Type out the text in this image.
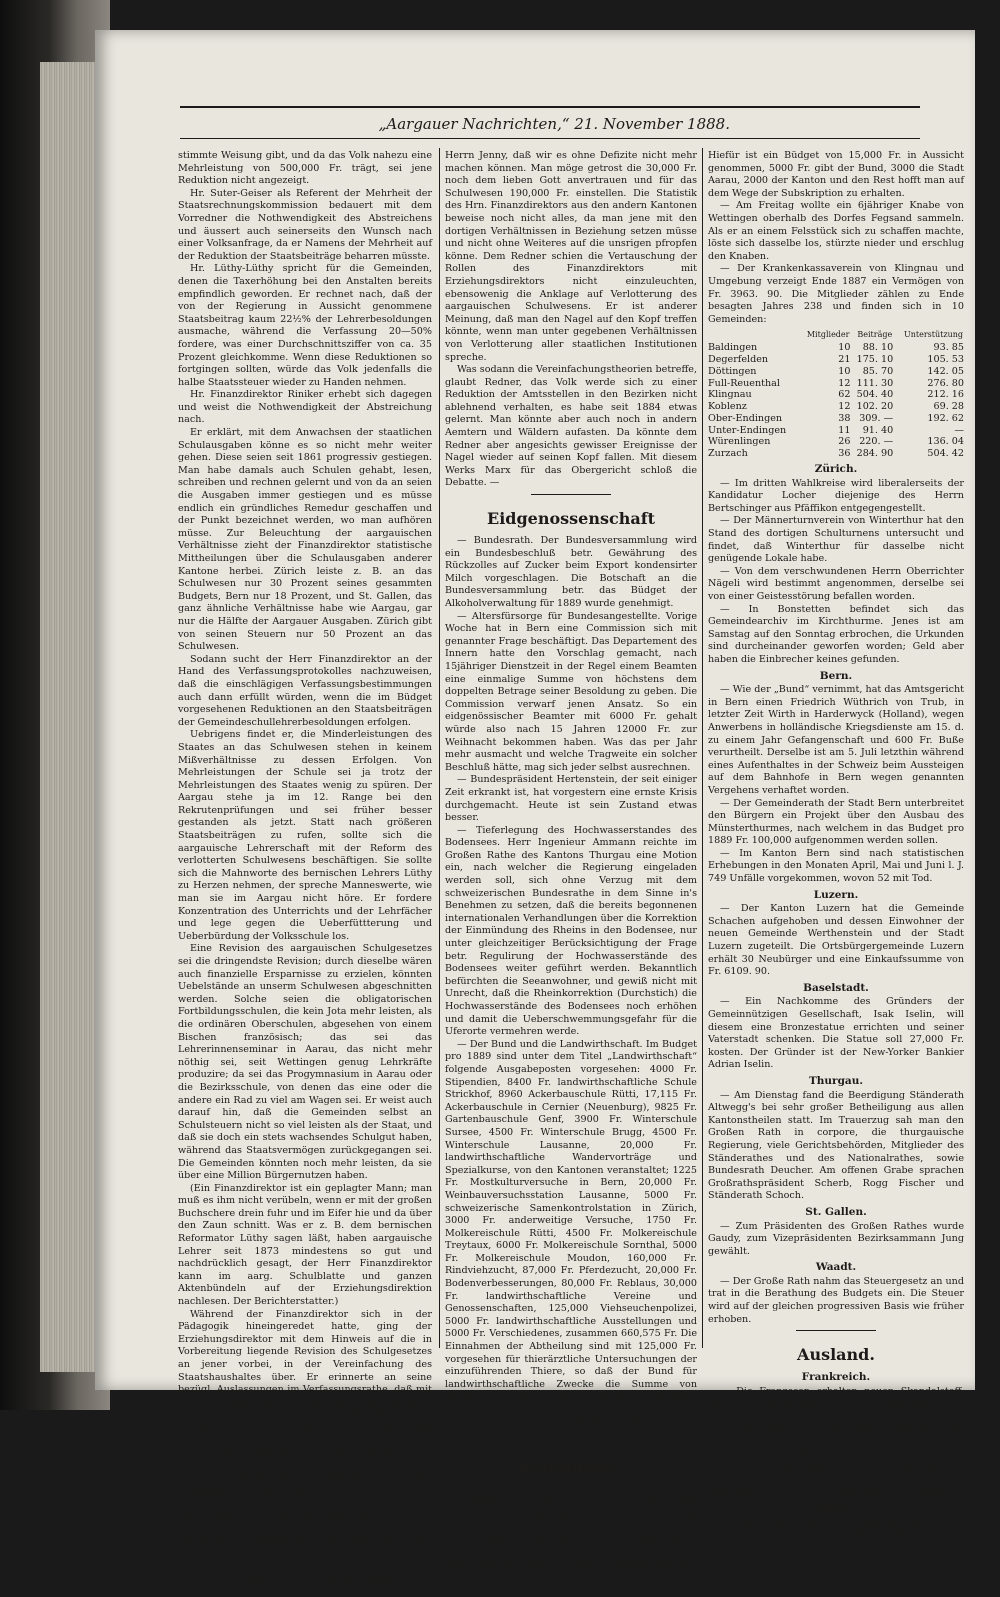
„Aargauer Nachrichten,“ 21. November 1888.

stimmte Weisung gibt, und da das Volk nahezu eine Mehrleistung von 500,000 Fr. trägt, sei jene Reduktion nicht angezeigt.

Hr. Suter-Geiser als Referent der Mehrheit der Staatsrechnungskommission bedauert mit dem Vorredner die Nothwendigkeit des Abstreichens und äussert auch seinerseits den Wunsch nach einer Volksanfrage, da er Namens der Mehrheit auf der Reduktion der Staatsbeiträge beharren müsste.

Hr. Lüthy-Lüthy spricht für die Gemeinden, denen die Taxerhöhung bei den Anstalten bereits empfindlich geworden. Er rechnet nach, daß der von der Regierung in Aussicht genommene Staatsbeitrag kaum 22½% der Lehrerbesoldungen ausmache, während die Verfassung 20—50% fordere, was einer Durchschnittsziffer von ca. 35 Prozent gleichkomme. Wenn diese Reduktionen so fortgingen sollten, würde das Volk jedenfalls die halbe Staatssteuer wieder zu Handen nehmen.

Hr. Finanzdirektor Riniker erhebt sich dagegen und weist die Nothwendigkeit der Abstreichung nach.

Er erklärt, mit dem Anwachsen der staatlichen Schulausgaben könne es so nicht mehr weiter gehen. Diese seien seit 1861 progressiv gestiegen. Man habe damals auch Schulen gehabt, lesen, schreiben und rechnen gelernt und von da an seien die Ausgaben immer gestiegen und es müsse endlich ein gründliches Remedur geschaffen und der Punkt bezeichnet werden, wo man aufhören müsse. Zur Beleuchtung der aargauischen Verhältnisse zieht der Finanzdirektor statistische Mittheilungen über die Schulausgaben anderer Kantone herbei. Zürich leiste z. B. an das Schulwesen nur 30 Prozent seines gesammten Budgets, Bern nur 18 Prozent, und St. Gallen, das ganz ähnliche Verhältnisse habe wie Aargau, gar nur die Hälfte der Aargauer Ausgaben. Zürich gibt von seinen Steuern nur 50 Prozent an das Schulwesen.

Sodann sucht der Herr Finanzdirektor an der Hand des Verfassungsprotokolles nachzuweisen, daß die einschlägigen Verfassungsbestimmungen auch dann erfüllt würden, wenn die im Büdget vorgesehenen Reduktionen an den Staatsbeiträgen der Gemeindeschullehrerbesoldungen erfolgen.

Uebrigens findet er, die Minderleistungen des Staates an das Schulwesen stehen in keinem Mißverhältnisse zu dessen Erfolgen. Von Mehrleistungen der Schule sei ja trotz der Mehrleistungen des Staates wenig zu spüren. Der Aargau stehe ja im 12. Range bei den Rekrutenprüfungen und sei früher besser gestanden als jetzt. Statt nach größeren Staatsbeiträgen zu rufen, sollte sich die aargauische Lehrerschaft mit der Reform des verlotterten Schulwesens beschäftigen. Sie sollte sich die Mahnworte des bernischen Lehrers Lüthy zu Herzen nehmen, der spreche Manneswerte, wie man sie im Aargau nicht höre. Er fordere Konzentration des Unterrichts und der Lehrfächer und lege gegen die Ueberfüttterung und Ueberbürdung der Volksschule los.

Eine Revision des aargauischen Schulgesetzes sei die dringendste Revision; durch dieselbe wären auch finanzielle Ersparnisse zu erzielen, könnten Uebelstände an unserm Schulwesen abgeschnitten werden. Solche seien die obligatorischen Fortbildungsschulen, die kein Jota mehr leisten, als die ordinären Oberschulen, abgesehen von einem Bischen französisch; das sei das Lehrerinnenseminar in Aarau, das nicht mehr nöthig sei, seit Wettingen genug Lehrkräfte produzire; da sei das Progymnasium in Aarau oder die Bezirksschule, von denen das eine oder die andere ein Rad zu viel am Wagen sei. Er weist auch darauf hin, daß die Gemeinden selbst an Schulsteuern nicht so viel leisten als der Staat, und daß sie doch ein stets wachsendes Schulgut haben, während das Staatsvermögen zurückgegangen sei. Die Gemeinden könnten noch mehr leisten, da sie über eine Million Bürgernutzen haben.

(Ein Finanzdirektor ist ein geplagter Mann; man muß es ihm nicht verübeln, wenn er mit der großen Buchschere drein fuhr und im Eifer hie und da über den Zaun schnitt. Was er z. B. dem bernischen Reformator Lüthy sagen läßt, haben aargauische Lehrer seit 1873 mindestens so gut und nachdrücklich gesagt, der Herr Finanzdirektor kann im aarg. Schulblatte und ganzen Aktenbündeln auf der Erziehungsdirektion nachlesen. Der Berichterstatter.)

Während der Finanzdirektor sich in der Pädagogik hineingeredet hatte, ging der Erziehungsdirektor mit dem Hinweis auf die in Vorbereitung liegende Revision des Schulgesetzes an jener vorbei, in der Vereinfachung des Staatshaushaltes über. Er erinnerte an seine bezügl. Auslassungen im Verfassungsrathe, daß mit der Vereinfachung nur wirklich Ernst gemacht werden könne, wenn man die Bezirke um 50 Prozent reduzire. Die Regierung habe diesen Weg übrigens bezüglich der Bezirksverwaltungen bereits eingeschlagen. Im Uebrigen bedauere er aber mit den Herren Künzli und Lüthy den Abstrich, habe sich aber den Rücksichten auf das gesammte Staatswohl fügen müssen.

Herr Jenny konstatirt nochmals die wirthschaftliche Thatsache, daß man, um den Ausfall zu decken, neue Steuern einnehmen haben müsse. Im Vereinfachungsgebiete ließe sich etwas machen, viel werde aber nicht herausschauen. Alle Abstriche unausweichlich.

Auch Herr Jäger theilt die Anschauungen des

Herrn Jenny, daß wir es ohne Defizite nicht mehr machen können. Man möge getrost die 30,000 Fr. noch dem lieben Gott anvertrauen und für das Schulwesen 190,000 Fr. einstellen. Die Statistik des Hrn. Finanzdirektors aus den andern Kantonen beweise noch nicht alles, da man jene mit den dortigen Verhältnissen in Beziehung setzen müsse und nicht ohne Weiteres auf die unsrigen pfropfen könne. Dem Redner schien die Vertauschung der Rollen des Finanzdirektors mit Erziehungsdirektors nicht einzuleuchten, ebensowenig die Anklage auf Verlotterung des aargauischen Schulwesens. Er ist anderer Meinung, daß man den Nagel auf den Kopf treffen könnte, wenn man unter gegebenen Verhältnissen von Verlotterung aller staatlichen Institutionen spreche.

Was sodann die Vereinfachungstheorien betreffe, glaubt Redner, das Volk werde sich zu einer Reduktion der Amtsstellen in den Bezirken nicht ablehnend verhalten, es habe seit 1884 etwas gelernt. Man könnte aber auch noch in andern Aemtern und Wäldern aufasten. Da könnte dem Redner aber angesichts gewisser Ereignisse der Nagel wieder auf seinen Kopf fallen. Mit diesem Werks Marx für das Obergericht schloß die Debatte. —

Eidgenossenschaft

— Bundesrath. Der Bundesversammlung wird ein Bundesbeschluß betr. Gewährung des Rückzolles auf Zucker beim Export kondensirter Milch vorgeschlagen. Die Botschaft an die Bundesversammlung betr. das Büdget der Alkoholverwaltung für 1889 wurde genehmigt.

— Altersfürsorge für Bundesangestellte. Vorige Woche hat in Bern eine Commission sich mit genannter Frage beschäftigt. Das Departement des Innern hatte den Vorschlag gemacht, nach 15jähriger Dienstzeit in der Regel einem Beamten eine einmalige Summe von höchstens dem doppelten Betrage seiner Besoldung zu geben. Die Commission verwarf jenen Ansatz. So ein eidgenössischer Beamter mit 6000 Fr. gehalt würde also nach 15 Jahren 12000 Fr. zur Weihnacht bekommen haben. Was das per Jahr mehr ausmacht und welche Tragweite ein solcher Beschluß hätte, mag sich jeder selbst ausrechnen.

— Bundespräsident Hertenstein, der seit einiger Zeit erkrankt ist, hat vorgestern eine ernste Krisis durchgemacht. Heute ist sein Zustand etwas besser.

— Tieferlegung des Hochwasserstandes des Bodensees. Herr Ingenieur Ammann reichte im Großen Rathe des Kantons Thurgau eine Motion ein, nach welcher die Regierung eingeladen werden soll, sich ohne Verzug mit dem schweizerischen Bundesrathe in dem Sinne in's Benehmen zu setzen, daß die bereits begonnenen internationalen Verhandlungen über die Korrektion der Einmündung des Rheins in den Bodensee, nur unter gleichzeitiger Berücksichtigung der Frage betr. Regulirung der Hochwasserstände des Bodensees weiter geführt werden. Bekanntlich befürchten die Seeanwohner, und gewiß nicht mit Unrecht, daß die Rheinkorrektion (Durchstich) die Hochwasserstände des Bodensees noch erhöhen und damit die Ueberschwemmungsgefahr für die Uferorte vermehren werde.

— Der Bund und die Landwirthschaft. Im Budget pro 1889 sind unter dem Titel „Landwirthschaft“ folgende Ausgabeposten vorgesehen: 4000 Fr. Stipendien, 8400 Fr. landwirthschaftliche Schule Strickhof, 8960 Ackerbauschule Rütti, 17,115 Fr. Ackerbauschule in Cernier (Neuenburg), 9825 Fr. Gartenbauschule Genf, 3900 Fr. Winterschule Sursee, 4500 Fr. Winterschule Brugg, 4500 Fr. Winterschule Lausanne, 20,000 Fr. landwirthschaftliche Wandervorträge und Spezialkurse, von den Kantonen veranstaltet; 1225 Fr. Mostkulturversuche in Bern, 20,000 Fr. Weinbauversuchsstation Lausanne, 5000 Fr. schweizerische Samenkontrolstation in Zürich, 3000 Fr. anderweitige Versuche, 1750 Fr. Molkereischule Rütti, 4500 Fr. Molkereischule Treytaux, 6000 Fr. Molkereischule Sornthal, 5000 Fr. Molkereischule Moudon, 160,000 Fr. Rindviehzucht, 87,000 Fr. Pferdezucht, 20,000 Fr. Bodenverbesserungen, 80,000 Fr. Reblaus, 30,000 Fr. landwirthschaftliche Vereine und Genossenschaften, 125,000 Viehseuchenpolizei, 5000 Fr. landwirthschaftliche Ausstellungen und 5000 Fr. Verschiedenes, zusammen 660,575 Fr. Die Einnahmen der Abtheilung sind mit 125,000 Fr. vorgesehen für thierärztliche Untersuchungen der einzuführenden Thiere, so daß der Bund für landwirthschaftliche Zwecke die Summe von 585,575 Fr. aufzuwenden gedenkt im nächsten Jahre. Dazu kommen noch 106,700 Fr. Ausgaben für das Forstwesen und 38,500 Fr. für Jagd und Fischerei.

Kantonales.
Aargau.

— Aarau. Im August des kommenden Jahres wird Aarau das hundertjährige Jubiläum der Gründung des ersten schweizerischen Kadettenkorps in Aarau anno 1789 feiern und zwar durch Veranstaltung eines schweizerischen Kadettenfestes. Das Organisationskomite hat sich bereits konstituirt; Präsident ist Hr. Nationalrath Kurz.

Hiefür ist ein Büdget von 15,000 Fr. in Aussicht genommen, 5000 Fr. gibt der Bund, 3000 die Stadt Aarau, 2000 der Kanton und den Rest hofft man auf dem Wege der Subskription zu erhalten.

— Am Freitag wollte ein 6jähriger Knabe von Wettingen oberhalb des Dorfes Fegsand sammeln. Als er an einem Felsstück sich zu schaffen machte, löste sich dasselbe los, stürzte nieder und erschlug den Knaben.

— Der Krankenkassaverein von Klingnau und Umgebung verzeigt Ende 1887 ein Vermögen von Fr. 3963. 90. Die Mitglieder zählen zu Ende besagten Jahres 238 und finden sich in 10 Gemeinden:

	Mitglieder	Beiträge	Unterstützung
Baldingen	10	88. 10	93. 85
Degerfelden	21	175. 10	105. 53
Döttingen	10	85. 70	142. 05
Full-Reuenthal	12	111. 30	276. 80
Klingnau	62	504. 40	212. 16
Koblenz	12	102. 20	69. 28
Ober-Endingen	38	309. —	192. 62
Unter-Endingen	11	91. 40	—
Würenlingen	26	220. —	136. 04
Zurzach	36	284. 90	504. 42
Zürich.

— Im dritten Wahlkreise wird liberalerseits der Kandidatur Locher diejenige des Herrn Bertschinger aus Pfäffikon entgegengestellt.

— Der Männerturnverein von Winterthur hat den Stand des dortigen Schulturnens untersucht und findet, daß Winterthur für dasselbe nicht genügende Lokale habe.

— Von dem verschwundenen Herrn Oberrichter Nägeli wird bestimmt angenommen, derselbe sei von einer Geistesstörung befallen worden.

— In Bonstetten befindet sich das Gemeindearchiv im Kirchthurme. Jenes ist am Samstag auf den Sonntag erbrochen, die Urkunden sind durcheinander geworfen worden; Geld aber haben die Einbrecher keines gefunden.

Bern.

— Wie der „Bund“ vernimmt, hat das Amtsgericht in Bern einen Friedrich Wüthrich von Trub, in letzter Zeit Wirth in Harderwyck (Holland), wegen Anwerbens in holländische Kriegsdienste am 15. d. zu einem Jahr Gefangenschaft und 600 Fr. Buße verurtheilt. Derselbe ist am 5. Juli letzthin während eines Aufenthaltes in der Schweiz beim Aussteigen auf dem Bahnhofe in Bern wegen genannten Vergehens verhaftet worden.

— Der Gemeinderath der Stadt Bern unterbreitet den Bürgern ein Projekt über den Ausbau des Münsterthurmes, nach welchem in das Budget pro 1889 Fr. 100,000 aufgenommen werden sollen.

— Im Kanton Bern sind nach statistischen Erhebungen in den Monaten April, Mai und Juni l. J. 749 Unfälle vorgekommen, wovon 52 mit Tod.

Luzern.

— Der Kanton Luzern hat die Gemeinde Schachen aufgehoben und dessen Einwohner der neuen Gemeinde Werthenstein und der Stadt Luzern zugeteilt. Die Ortsbürgergemeinde Luzern erhält 30 Neubürger und eine Einkaufssumme von Fr. 6109. 90.

Baselstadt.

— Ein Nachkomme des Gründers der Gemeinnützigen Gesellschaft, Isak Iselin, will diesem eine Bronzestatue errichten und seiner Vaterstadt schenken. Die Statue soll 27,000 Fr. kosten. Der Gründer ist der New-Yorker Bankier Adrian Iselin.

Thurgau.

— Am Dienstag fand die Beerdigung Ständerath Altwegg's bei sehr großer Betheiligung aus allen Kantonstheilen statt. Im Trauerzug sah man den Großen Rath in corpore, die thurgauische Regierung, viele Gerichtsbehörden, Mitglieder des Ständerathes und des Nationalrathes, sowie Bundesrath Deucher. Am offenen Grabe sprachen Großrathspräsident Scherb, Rogg Fischer und Ständerath Schoch.

St. Gallen.

— Zum Präsidenten des Großen Rathes wurde Gaudy, zum Vizepräsidenten Bezirksammann Jung gewählt.

Waadt.

— Der Große Rath nahm das Steuergesetz an und trat in die Berathung des Budgets ein. Die Steuer wird auf der gleichen progressiven Basis wie früher erhoben.

Ausland.
Frankreich.

— Die Franzosen erhalten neuen Skandalstoff. Wilson's Wiederauftreten in Tours, namentlich aber der von Wilson's „Petite France“ begonnene Enthüllungsfeldzug erregt großes Aufsehen und ernste Beunruhigung in den Kreisen, welche die 22,000 Schriftstücke Wilson's zu fürchten haben. Wilson's Enthüllungen, denen unzweifelhaft reichhaltiges, zuverlässiges Material zu Grunde liegt, scheinen eine neue Skandalfolge zu eröffnen.

Afrika.

— Der „Times“ wird aus Sansibar vom 16. d. gemeldet: Der belgische Dampfer „Brabo“, welcher 400
